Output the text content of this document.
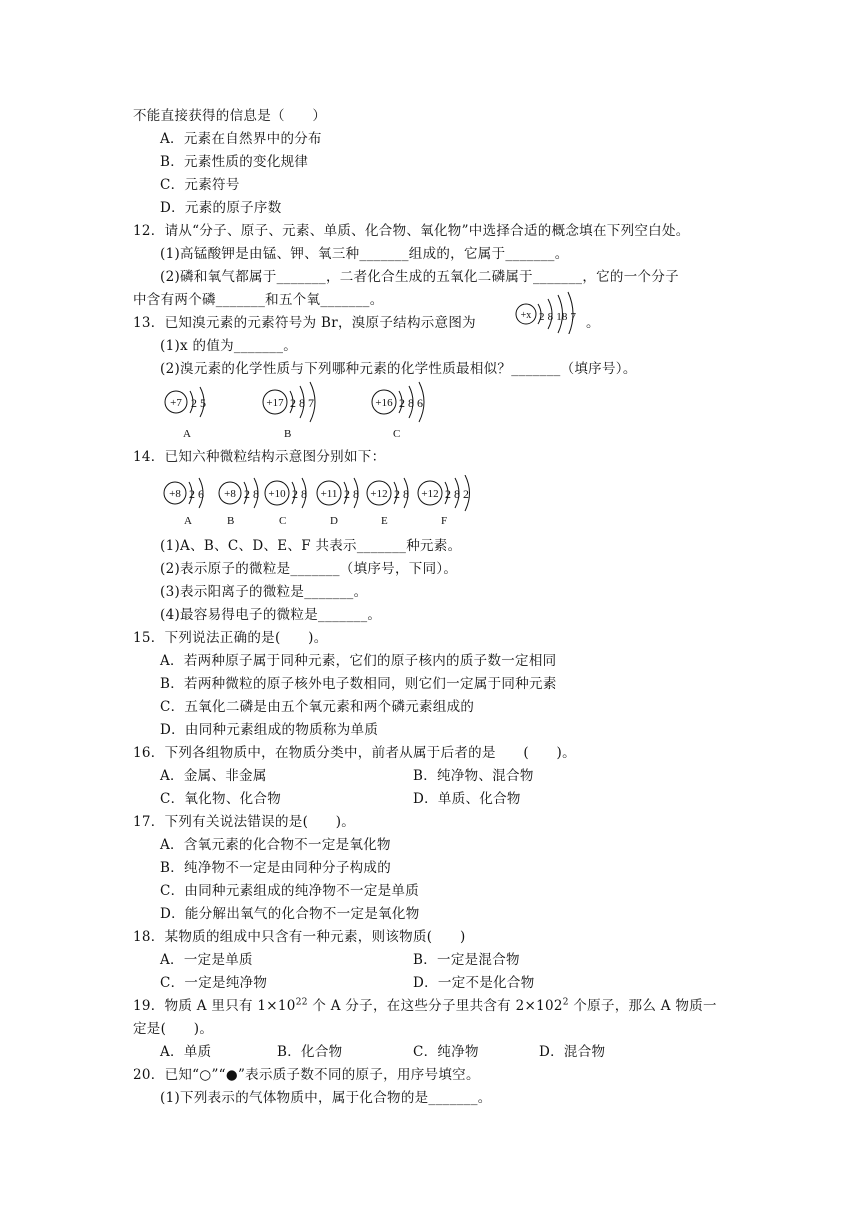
不能直接获得的信息是（　　）
A．元素在自然界中的分布
B．元素性质的变化规律
C．元素符号
D．元素的原子序数
12．请从“分子、原子、元素、单质、化合物、氧化物”中选择合适的概念填在下列空白处。
(1)高锰酸钾是由锰、钾、氧三种_______组成的，它属于_______。
(2)磷和氧气都属于_______，二者化合生成的五氧化二磷属于_______，它的一个分子
中含有两个磷_______和五个氧_______。
13．已知溴元素的元素符号为 Br，溴原子结构示意图为	+x 2 8 18 7 。
(1)x 的值为_______。
(2)溴元素的化学性质与下列哪种元素的化学性质最相似？_______（填序号）。
+7 2 5
A
+17 2 8 7
B
+16 2 8 6
C
14．已知六种微粒结构示意图分别如下：
+8 2 6
A
+8 2 8
B
+10 2 8
C
+11 2 8
D
+12 2 8
E
+12 2 8 2
F
(1)A、B、C、D、E、F 共表示_______种元素。
(2)表示原子的微粒是_______（填序号，下同）。
(3)表示阳离子的微粒是_______。
(4)最容易得电子的微粒是_______。
15．下列说法正确的是(　　)。
A．若两种原子属于同种元素，它们的原子核内的质子数一定相同
B．若两种微粒的原子核外电子数相同，则它们一定属于同种元素
C．五氧化二磷是由五个氧元素和两个磷元素组成的
D．由同种元素组成的物质称为单质
16．下列各组物质中，在物质分类中，前者从属于后者的是　　(　　)。
A．金属、非金属	B．纯净物、混合物
C．氧化物、化合物	D．单质、化合物
17．下列有关说法错误的是(　　)。
A．含氧元素的化合物不一定是氧化物
B．纯净物不一定是由同种分子构成的
C．由同种元素组成的纯净物不一定是单质
D．能分解出氧气的化合物不一定是氧化物
18．某物质的组成中只含有一种元素，则该物质(　　)
A．一定是单质	B．一定是混合物
C．一定是纯净物	D．一定不是化合物
19．物质 A 里只有 $1\times 10^{22}$ 个 A 分子，在这些分子里共含有 $2\times 102^2$ 个原子，那么 A 物质一
定是(　　)。
A．单质	B．化合物	C．纯净物	D．混合物
20．已知“○”“●”表示质子数不同的原子，用序号填空。
(1)下列表示的气体物质中，属于化合物的是_______。
